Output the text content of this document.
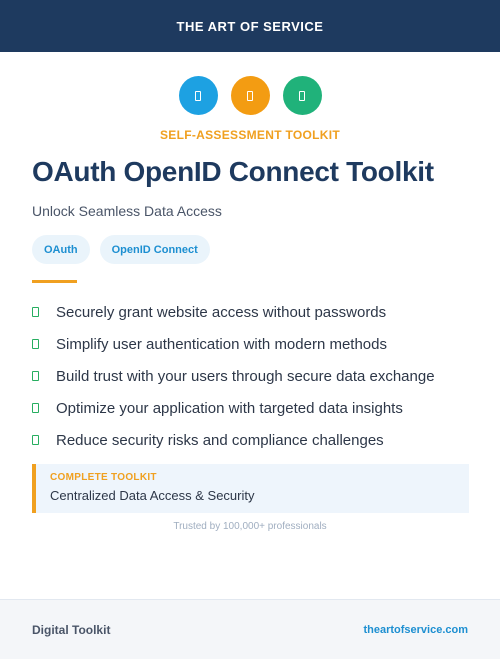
THE ART OF SERVICE
SELF-ASSESSMENT TOOLKIT
OAuth OpenID Connect Toolkit
Unlock Seamless Data Access
OAuth	OpenID Connect
Securely grant website access without passwords
Simplify user authentication with modern methods
Build trust with your users through secure data exchange
Optimize your application with targeted data insights
Reduce security risks and compliance challenges
COMPLETE TOOLKIT
Centralized Data Access & Security
Trusted by 100,000+ professionals
Digital Toolkit	theartofservice.com
